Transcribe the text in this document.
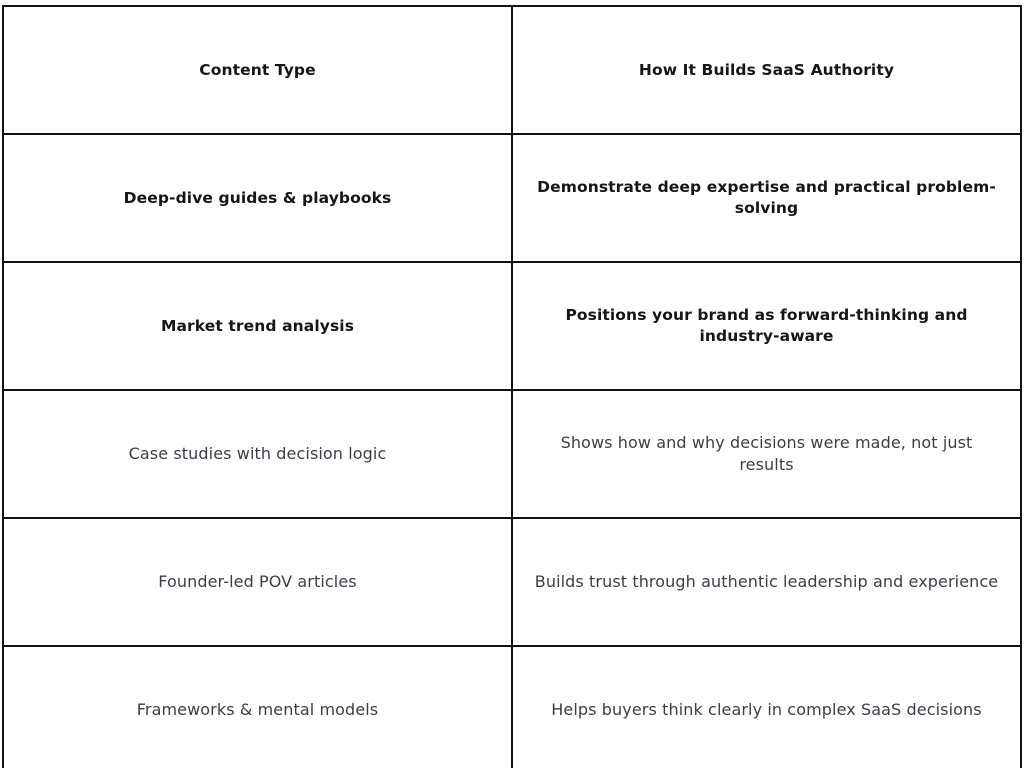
Content Type	How It Builds SaaS Authority
Deep-dive guides & playbooks	Demonstrate deep expertise and practical problem-solving
Market trend analysis	Positions your brand as forward-thinking and industry-aware
Case studies with decision logic	Shows how and why decisions were made, not just results
Founder-led POV articles	Builds trust through authentic leadership and experience
Frameworks & mental models	Helps buyers think clearly in complex SaaS decisions
